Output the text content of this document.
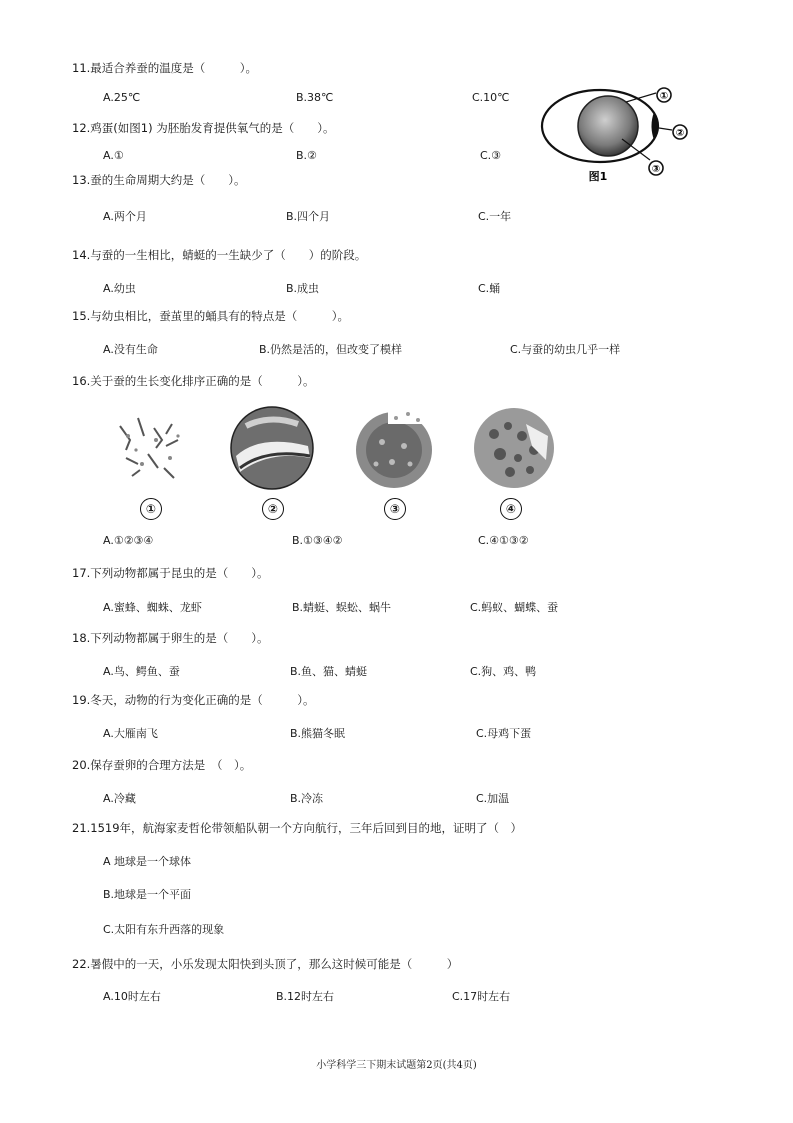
11.最适合养蚕的温度是（　　　）。
A.25℃	B.38℃	C.10℃	①
②
③
图1
12.鸡蛋(如图1) 为胚胎发育提供氧气的是（　　）。
A.①	B.②	C.③
13.蚕的生命周期大约是（　　）。
A.两个月	B.四个月	C.一年
14.与蚕的一生相比，蜻蜓的一生缺少了（　　）的阶段。
A.幼虫	B.成虫	C.蛹
15.与幼虫相比，蚕茧里的蛹具有的特点是（　　　）。
A.没有生命	B.仍然是活的，但改变了模样	C.与蚕的幼虫几乎一样
16.关于蚕的生长变化排序正确的是（　　　）。
①	②	③	④
A.①②③④	B.①③④②	C.④①③②
17.下列动物都属于昆虫的是（　　）。
A.蜜蜂、蜘蛛、龙虾	B.蜻蜓、蜈蚣、蜗牛	C.蚂蚁、蝴蝶、蚕
18.下列动物都属于卵生的是（　　）。
A.鸟、鳄鱼、蚕	B.鱼、猫、蜻蜓	C.狗、鸡、鸭
19.冬天，动物的行为变化正确的是（　　　）。
A.大雁南飞	B.熊猫冬眠	C.母鸡下蛋
20.保存蚕卵的合理方法是　（　）。
A.冷藏	B.冷冻	C.加温
21.1519年，航海家麦哲伦带领船队朝一个方向航行，三年后回到目的地，证明了（　）
A 地球是一个球体
B.地球是一个平面
C.太阳有东升西落的现象
22.暑假中的一天，小乐发现太阳快到头顶了，那么这时候可能是（　　　）
A.10时左右	B.12时左右	C.17时左右
小学科学三下期末试题第2页(共4页)
